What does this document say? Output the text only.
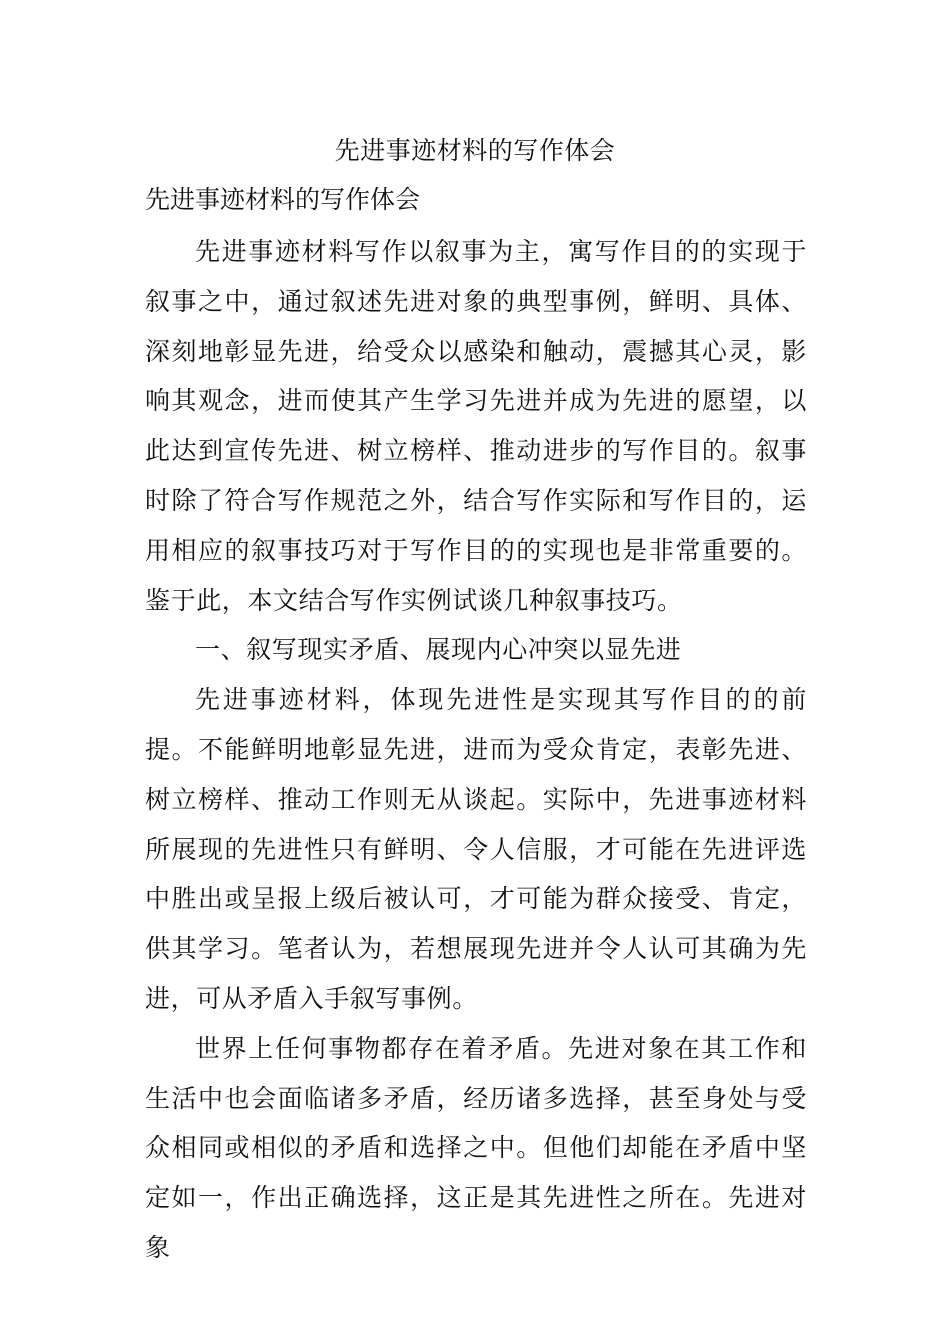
先进事迹材料的写作体会
先进事迹材料的写作体会

先进事迹材料写作以叙事为主，寓写作目的的实现于叙事之中，通过叙述先进对象的典型事例，鲜明、具体、深刻地彰显先进，给受众以感染和触动，震撼其心灵，影响其观念，进而使其产生学习先进并成为先进的愿望，以此达到宣传先进、树立榜样、推动进步的写作目的。叙事时除了符合写作规范之外，结合写作实际和写作目的，运用相应的叙事技巧对于写作目的的实现也是非常重要的。鉴于此，本文结合写作实例试谈几种叙事技巧。

一、叙写现实矛盾、展现内心冲突以显先进

先进事迹材料，体现先进性是实现其写作目的的前提。不能鲜明地彰显先进，进而为受众肯定，表彰先进、树立榜样、推动工作则无从谈起。实际中，先进事迹材料所展现的先进性只有鲜明、令人信服，才可能在先进评选中胜出或呈报上级后被认可，才可能为群众接受、肯定，供其学习。笔者认为，若想展现先进并令人认可其确为先进，可从矛盾入手叙写事例。

世界上任何事物都存在着矛盾。先进对象在其工作和生活中也会面临诸多矛盾，经历诸多选择，甚至身处与受众相同或相似的矛盾和选择之中。但他们却能在矛盾中坚定如一，作出正确选择，这正是其先进性之所在。先进对象
